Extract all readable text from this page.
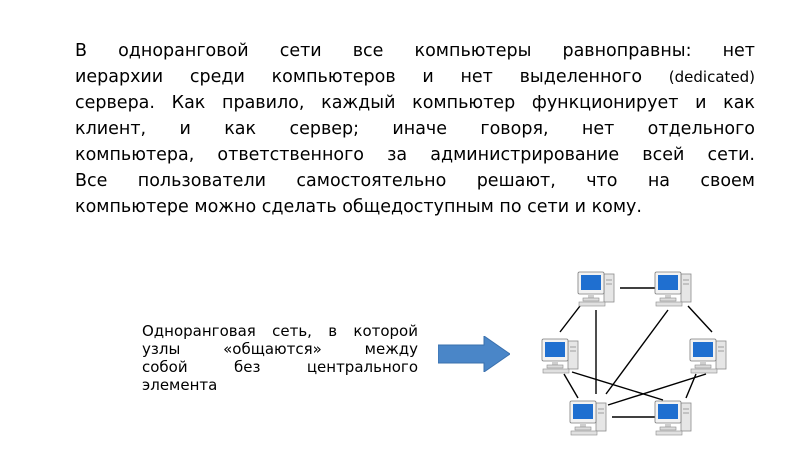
В одноранговой сети все компьютеры равноправны: нет
иерархии среди компьютеров и нет выделенного (dedicated)
сервера. Как правило, каждый компьютер функционирует и как
клиент, и как сервер; иначе говоря, нет отдельного
компьютера, ответственного за администрирование всей сети.
Все пользователи самостоятельно решают, что на своем
компьютере можно сделать общедоступным по сети и кому.

Одноранговая сеть, в которой
узлы «общаются» между
собой без центрального
элемента
